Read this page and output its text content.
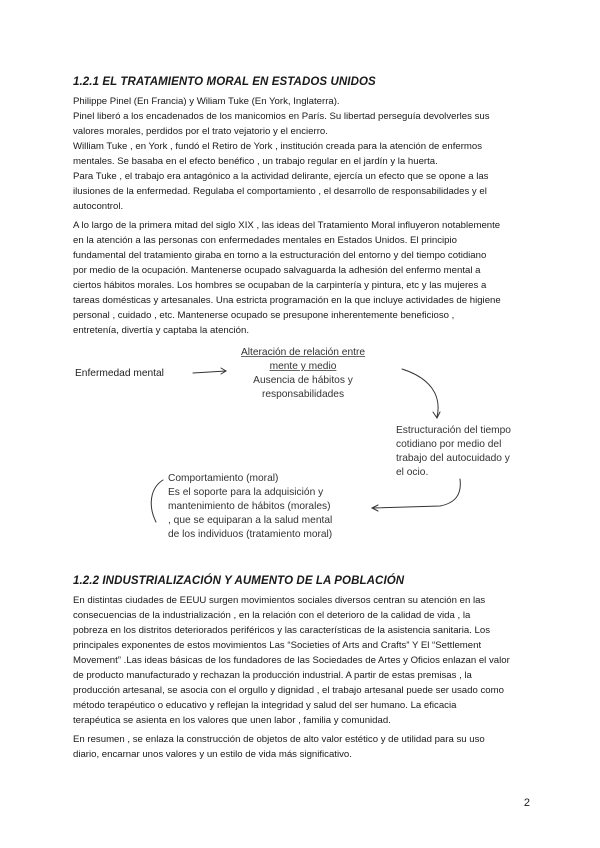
1.2.1 EL TRATAMIENTO MORAL EN ESTADOS UNIDOS
Philippe Pinel (En Francia) y Wiliam Tuke (En York, Inglaterra).
Pinel liberó a los encadenados de los manicomios en París. Su libertad perseguía devolverles sus
valores morales, perdidos por el trato vejatorio y el encierro.
William Tuke , en York , fundó el Retiro de York , institución creada para la atención de enfermos
mentales. Se basaba en el efecto benéfico , un trabajo regular en el jardín y la huerta.
Para Tuke , el trabajo era antagónico a la actividad delirante, ejercía un efecto que se opone a las
ilusiones de la enfermedad. Regulaba el comportamiento , el desarrollo de responsabilidades y el
autocontrol.
A lo largo de la primera mitad del siglo XIX , las ideas del Tratamiento Moral influyeron notablemente
en la atención a las personas con enfermedades mentales en Estados Unidos. El principio
fundamental del tratamiento giraba en torno a la estructuración del entorno y del tiempo cotidiano
por medio de la ocupación. Mantenerse ocupado salvaguarda la adhesión del enfermo mental a
ciertos hábitos morales. Los hombres se ocupaban de la carpintería y pintura, etc y las mujeres a
tareas domésticas y artesanales. Una estricta programación en la que incluye actividades de higiene
personal , cuidado , etc. Mantenerse ocupado se presupone inherentemente beneficioso ,
entretenía, divertía y captaba la atención.
Enfermedad mental
Alteración de relación entre
mente y medio
Ausencia de hábitos y
responsabilidades
Estructuración del tiempo
cotidiano por medio del
trabajo del autocuidado y
el ocio.
Comportamiento (moral)
Es el soporte para la adquisición y
mantenimiento de hábitos (morales)
, que se equiparan a la salud mental
de los individuos (tratamiento moral)
1.2.2 INDUSTRIALIZACIÓN Y AUMENTO DE LA POBLACIÓN
En distintas ciudades de EEUU surgen movimientos sociales diversos centran su atención en las
consecuencias de la industrialización , en la relación con el deterioro de la calidad de vida , la
pobreza en los distritos deteriorados periféricos y las características de la asistencia sanitaria. Los
principales exponentes de estos movimientos Las “Societies of Arts and Crafts” Y El “Settlement
Movement” .Las ideas básicas de los fundadores de las Sociedades de Artes y Oficios enlazan el valor
de producto manufacturado y rechazan la producción industrial. A partir de estas premisas , la
producción artesanal, se asocia con el orgullo y dignidad , el trabajo artesanal puede ser usado como
método terapéutico o educativo y reflejan la integridad y salud del ser humano. La eficacia
terapéutica se asienta en los valores que unen labor , familia y comunidad.
En resumen , se enlaza la construcción de objetos de alto valor estético y de utilidad para su uso
diario, encarnar unos valores y un estilo de vida más significativo.
2
